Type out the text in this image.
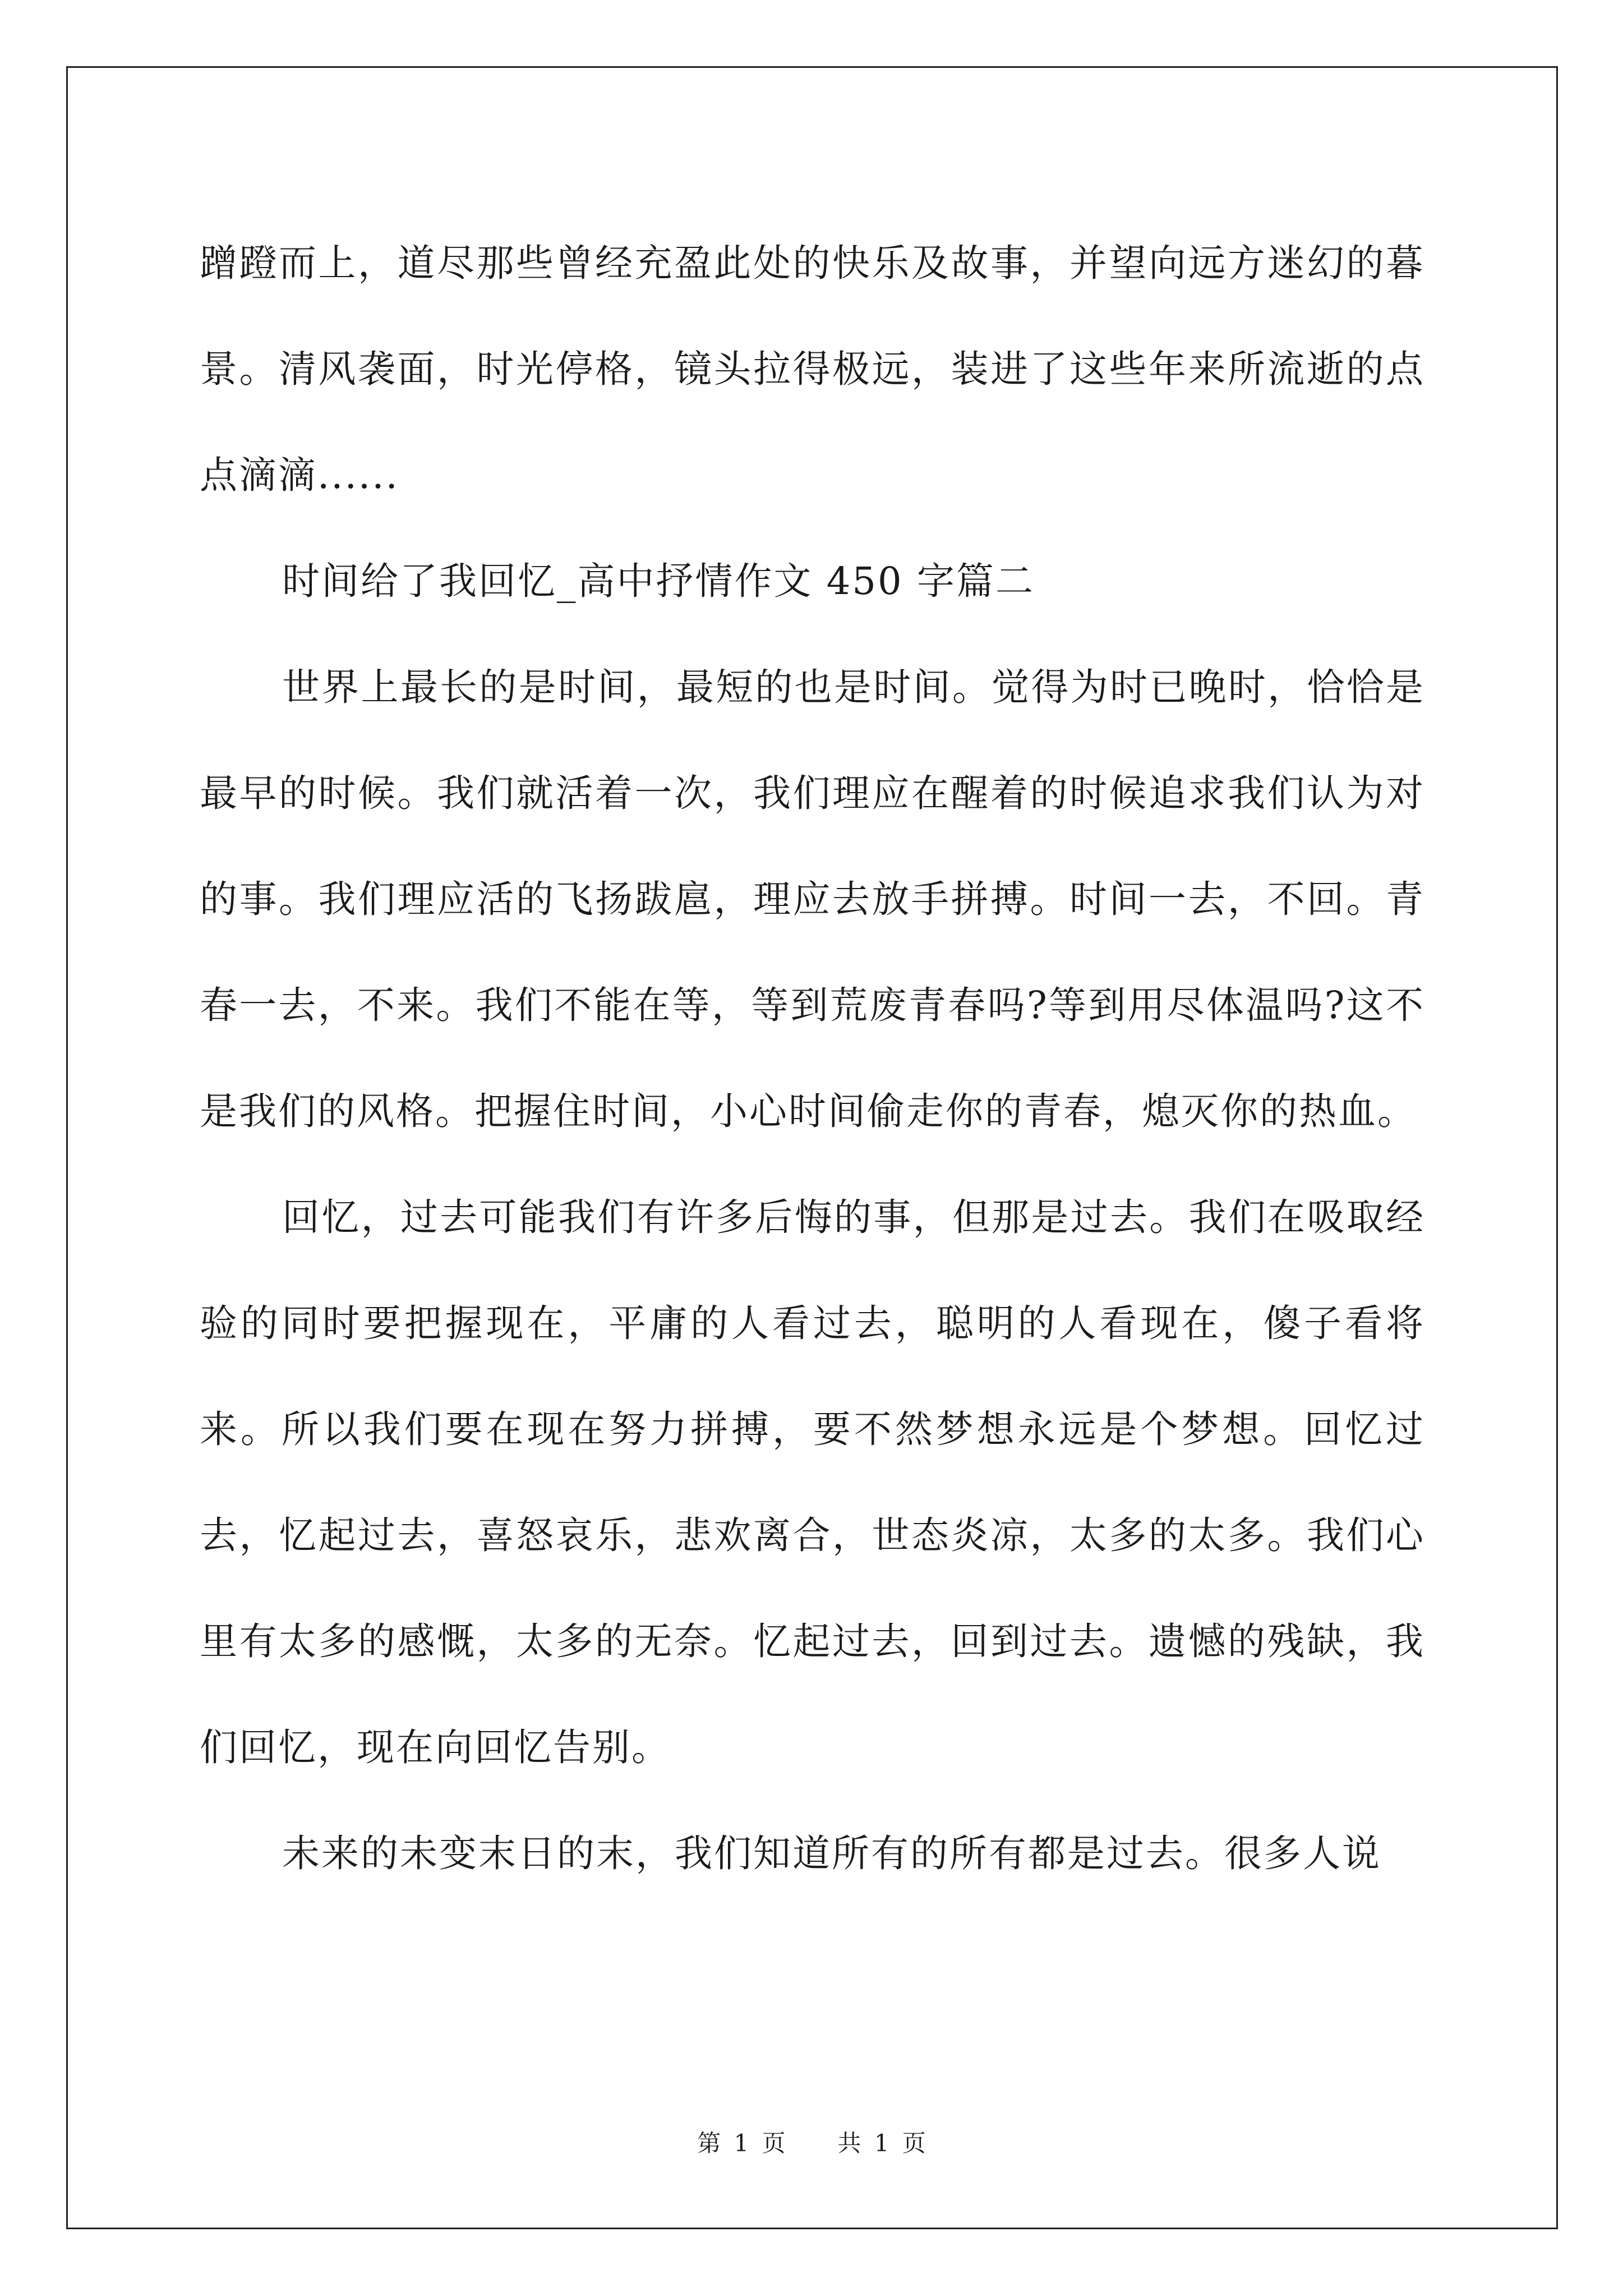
蹭蹬而上，道尽那些曾经充盈此处的快乐及故事，并望向远方迷幻的暮景。清风袭面，时光停格，镜头拉得极远，装进了这些年来所流逝的点点滴滴......

时间给了我回忆_高中抒情作文 450 字篇二

世界上最长的是时间，最短的也是时间。觉得为时已晚时，恰恰是最早的时候。我们就活着一次，我们理应在醒着的时候追求我们认为对的事。我们理应活的飞扬跋扈，理应去放手拼搏。时间一去，不回。青春一去，不来。我们不能在等，等到荒废青春吗?等到用尽体温吗?这不是我们的风格。把握住时间，小心时间偷走你的青春，熄灭你的热血。

回忆，过去可能我们有许多后悔的事，但那是过去。我们在吸取经验的同时要把握现在，平庸的人看过去，聪明的人看现在，傻子看将来。所以我们要在现在努力拼搏，要不然梦想永远是个梦想。回忆过去，忆起过去，喜怒哀乐，悲欢离合，世态炎凉，太多的太多。我们心里有太多的感慨，太多的无奈。忆起过去，回到过去。遗憾的残缺，我们回忆，现在向回忆告别。

未来的未变末日的末，我们知道所有的所有都是过去。很多人说

第 1 页 共 1 页
